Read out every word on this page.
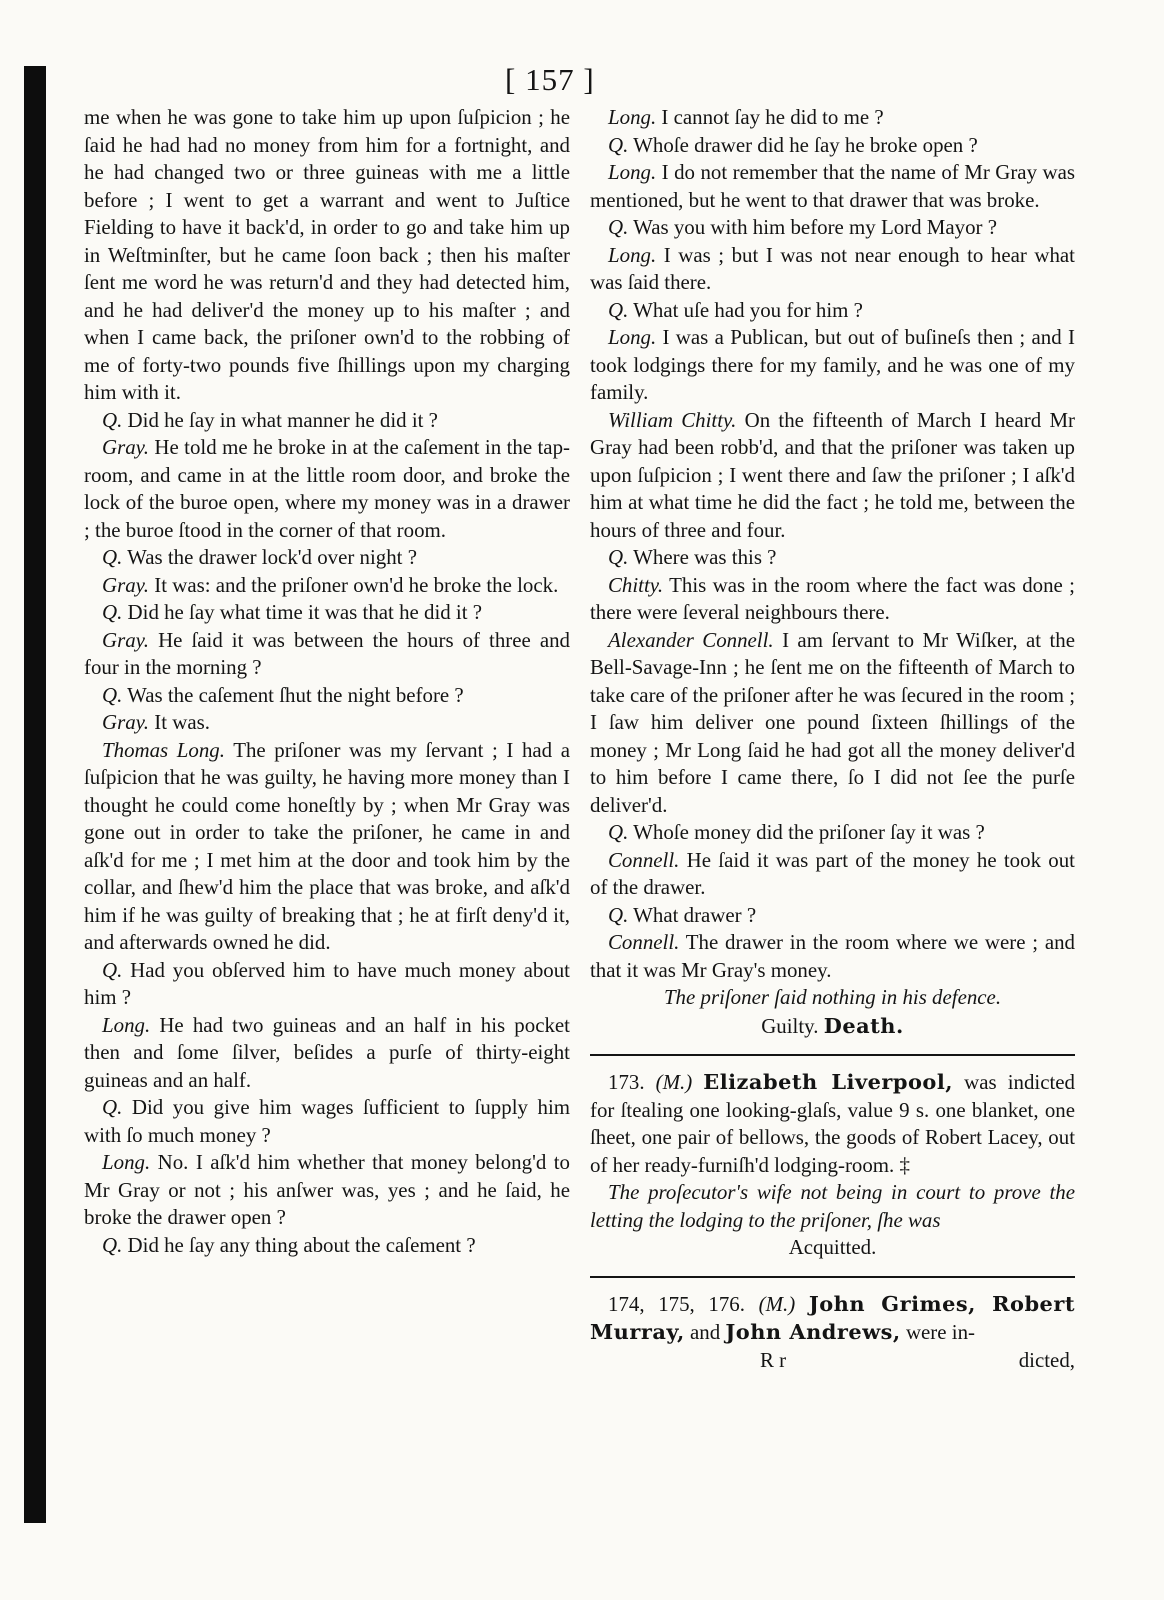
[ 157 ]

me when he was gone to take him up upon ſuſpicion ; he ſaid he had had no money from him for a fortnight, and he had changed two or three guineas with me a little before ; I went to get a warrant and went to Juſtice Fielding to have it back'd, in order to go and take him up in Weſtminſter, but he came ſoon back ; then his maſter ſent me word he was return'd and they had detected him, and he had deliver'd the money up to his maſter ; and when I came back, the priſoner own'd to the robbing of me of forty-two pounds five ſhillings upon my charging him with it.

Q. Did he ſay in what manner he did it ?

Gray. He told me he broke in at the caſement in the tap-room, and came in at the little room door, and broke the lock of the buroe open, where my money was in a drawer ; the buroe ſtood in the corner of that room.

Q. Was the drawer lock'd over night ?

Gray. It was: and the priſoner own'd he broke the lock.

Q. Did he ſay what time it was that he did it ?

Gray. He ſaid it was between the hours of three and four in the morning ?

Q. Was the caſement ſhut the night before ?

Gray. It was.

Thomas Long. The priſoner was my ſervant ; I had a ſuſpicion that he was guilty, he having more money than I thought he could come honeſtly by ; when Mr Gray was gone out in order to take the priſoner, he came in and aſk'd for me ; I met him at the door and took him by the collar, and ſhew'd him the place that was broke, and aſk'd him if he was guilty of breaking that ; he at firſt deny'd it, and afterwards owned he did.

Q. Had you obſerved him to have much money about him ?

Long. He had two guineas and an half in his pocket then and ſome ſilver, beſides a purſe of thirty-eight guineas and an half.

Q. Did you give him wages ſufficient to ſupply him with ſo much money ?

Long. No. I aſk'd him whether that money belong'd to Mr Gray or not ; his anſwer was, yes ; and he ſaid, he broke the drawer open ?

Q. Did he ſay any thing about the caſement ?

Long. I cannot ſay he did to me ?

Q. Whoſe drawer did he ſay he broke open ?

Long. I do not remember that the name of Mr Gray was mentioned, but he went to that drawer that was broke.

Q. Was you with him before my Lord Mayor ?

Long. I was ; but I was not near enough to hear what was ſaid there.

Q. What uſe had you for him ?

Long. I was a Publican, but out of buſineſs then ; and I took lodgings there for my family, and he was one of my family.

William Chitty. On the fifteenth of March I heard Mr Gray had been robb'd, and that the priſoner was taken up upon ſuſpicion ; I went there and ſaw the priſoner ; I aſk'd him at what time he did the fact ; he told me, between the hours of three and four.

Q. Where was this ?

Chitty. This was in the room where the fact was done ; there were ſeveral neighbours there.

Alexander Connell. I am ſervant to Mr Wiſker, at the Bell-Savage-Inn ; he ſent me on the fifteenth of March to take care of the priſoner after he was ſecured in the room ; I ſaw him deliver one pound ſixteen ſhillings of the money ; Mr Long ſaid he had got all the money deliver'd to him before I came there, ſo I did not ſee the purſe deliver'd.

Q. Whoſe money did the priſoner ſay it was ?

Connell. He ſaid it was part of the money he took out of the drawer.

Q. What drawer ?

Connell. The drawer in the room where we were ; and that it was Mr Gray's money.

The priſoner ſaid nothing in his defence.

Guilty. Death.

173. (M.) Elizabeth Liverpool, was indicted for ſtealing one looking-glaſs, value 9 s. one blanket, one ſheet, one pair of bellows, the goods of Robert Lacey, out of her ready-furniſh'd lodging-room. ‡

The proſecutor's wife not being in court to prove the letting the lodging to the priſoner, ſhe was

Acquitted.

174, 175, 176. (M.) John Grimes, Robert Murray, and John Andrews, were in-

R r	dicted,
